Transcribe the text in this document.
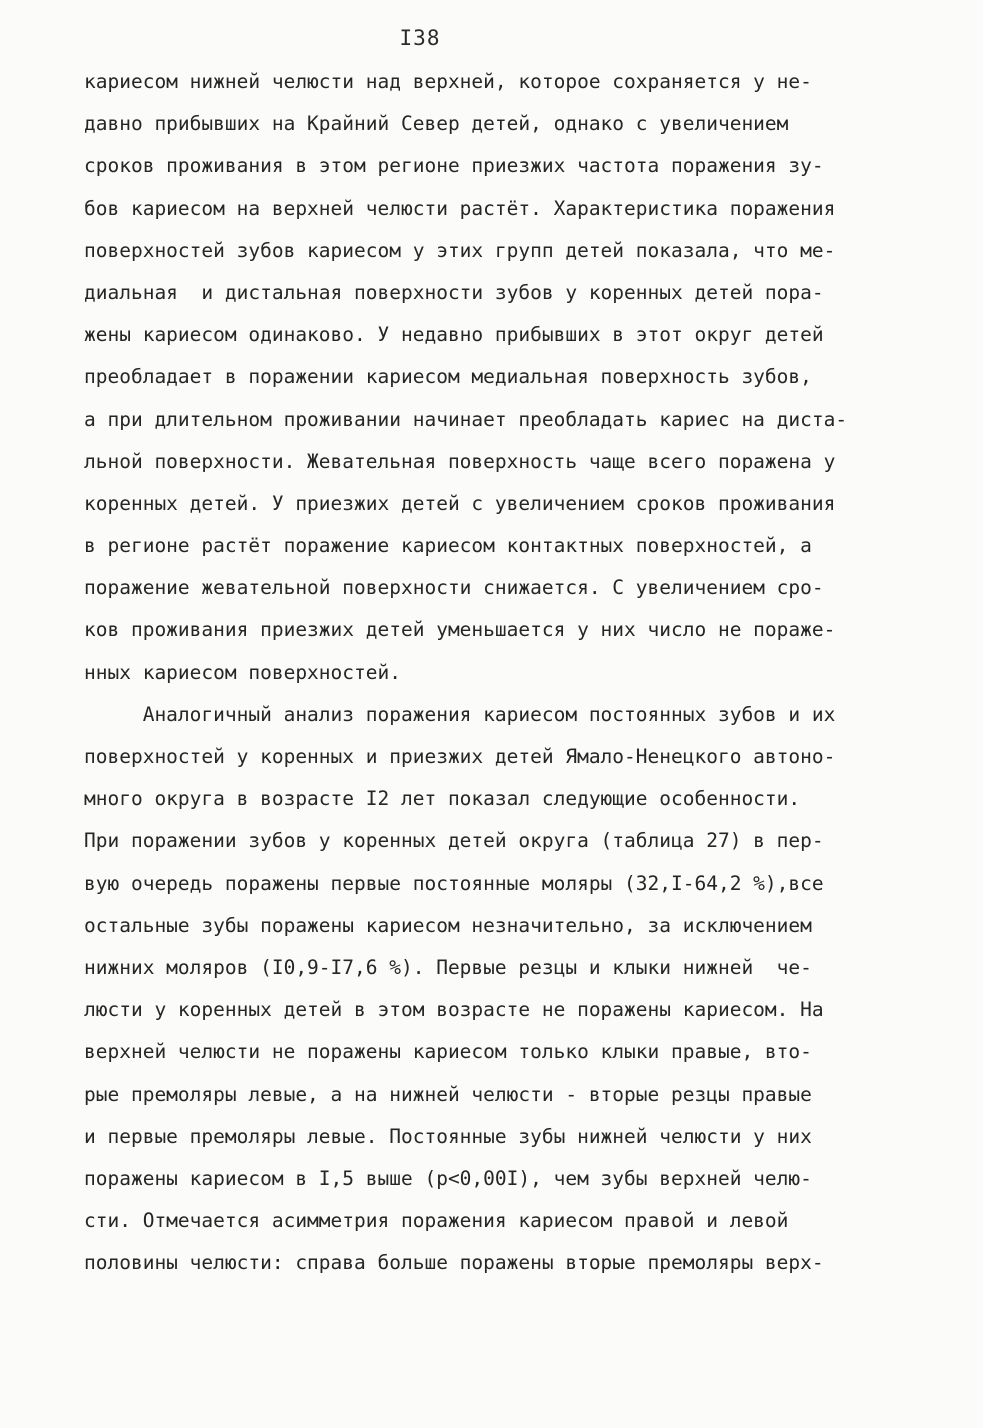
I38
кариесом нижней челюсти над верхней, которое сохраняется у не-
давно прибывших на Крайний Север детей, однако с увеличением
сроков проживания в этом регионе приезжих частота поражения зу-
бов кариесом на верхней челюсти растёт. Характеристика поражения
поверхностей зубов кариесом у этих групп детей показала, что ме-
диальная  и дистальная поверхности зубов у коренных детей пора-
жены кариесом одинаково. У недавно прибывших в этот округ детей
преобладает в поражении кариесом медиальная поверхность зубов,
а при длительном проживании начинает преобладать кариес на диста-
льной поверхности. Жевательная поверхность чаще всего поражена у
коренных детей. У приезжих детей с увеличением сроков проживания
в регионе растёт поражение кариесом контактных поверхностей, а
поражение жевательной поверхности снижается. С увеличением сро-
ков проживания приезжих детей уменьшается у них число не пораже-
нных кариесом поверхностей.
Аналогичный анализ поражения кариесом постоянных зубов и их
поверхностей у коренных и приезжих детей Ямало-Ненецкого автоно-
много округа в возрасте I2 лет показал следующие особенности.
При поражении зубов у коренных детей округа (таблица 27) в пер-
вую очередь поражены первые постоянные моляры (32,I-64,2 %),все
остальные зубы поражены кариесом незначительно, за исключением
нижних моляров (I0,9-I7,6 %). Первые резцы и клыки нижней  че-
люсти у коренных детей в этом возрасте не поражены кариесом. На
верхней челюсти не поражены кариесом только клыки правые, вто-
рые премоляры левые, а на нижней челюсти - вторые резцы правые
и первые премоляры левые. Постоянные зубы нижней челюсти у них
поражены кариесом в I,5 выше (p<0,00I), чем зубы верхней челю-
сти. Отмечается асимметрия поражения кариесом правой и левой
половины челюсти: справа больше поражены вторые премоляры верх-
